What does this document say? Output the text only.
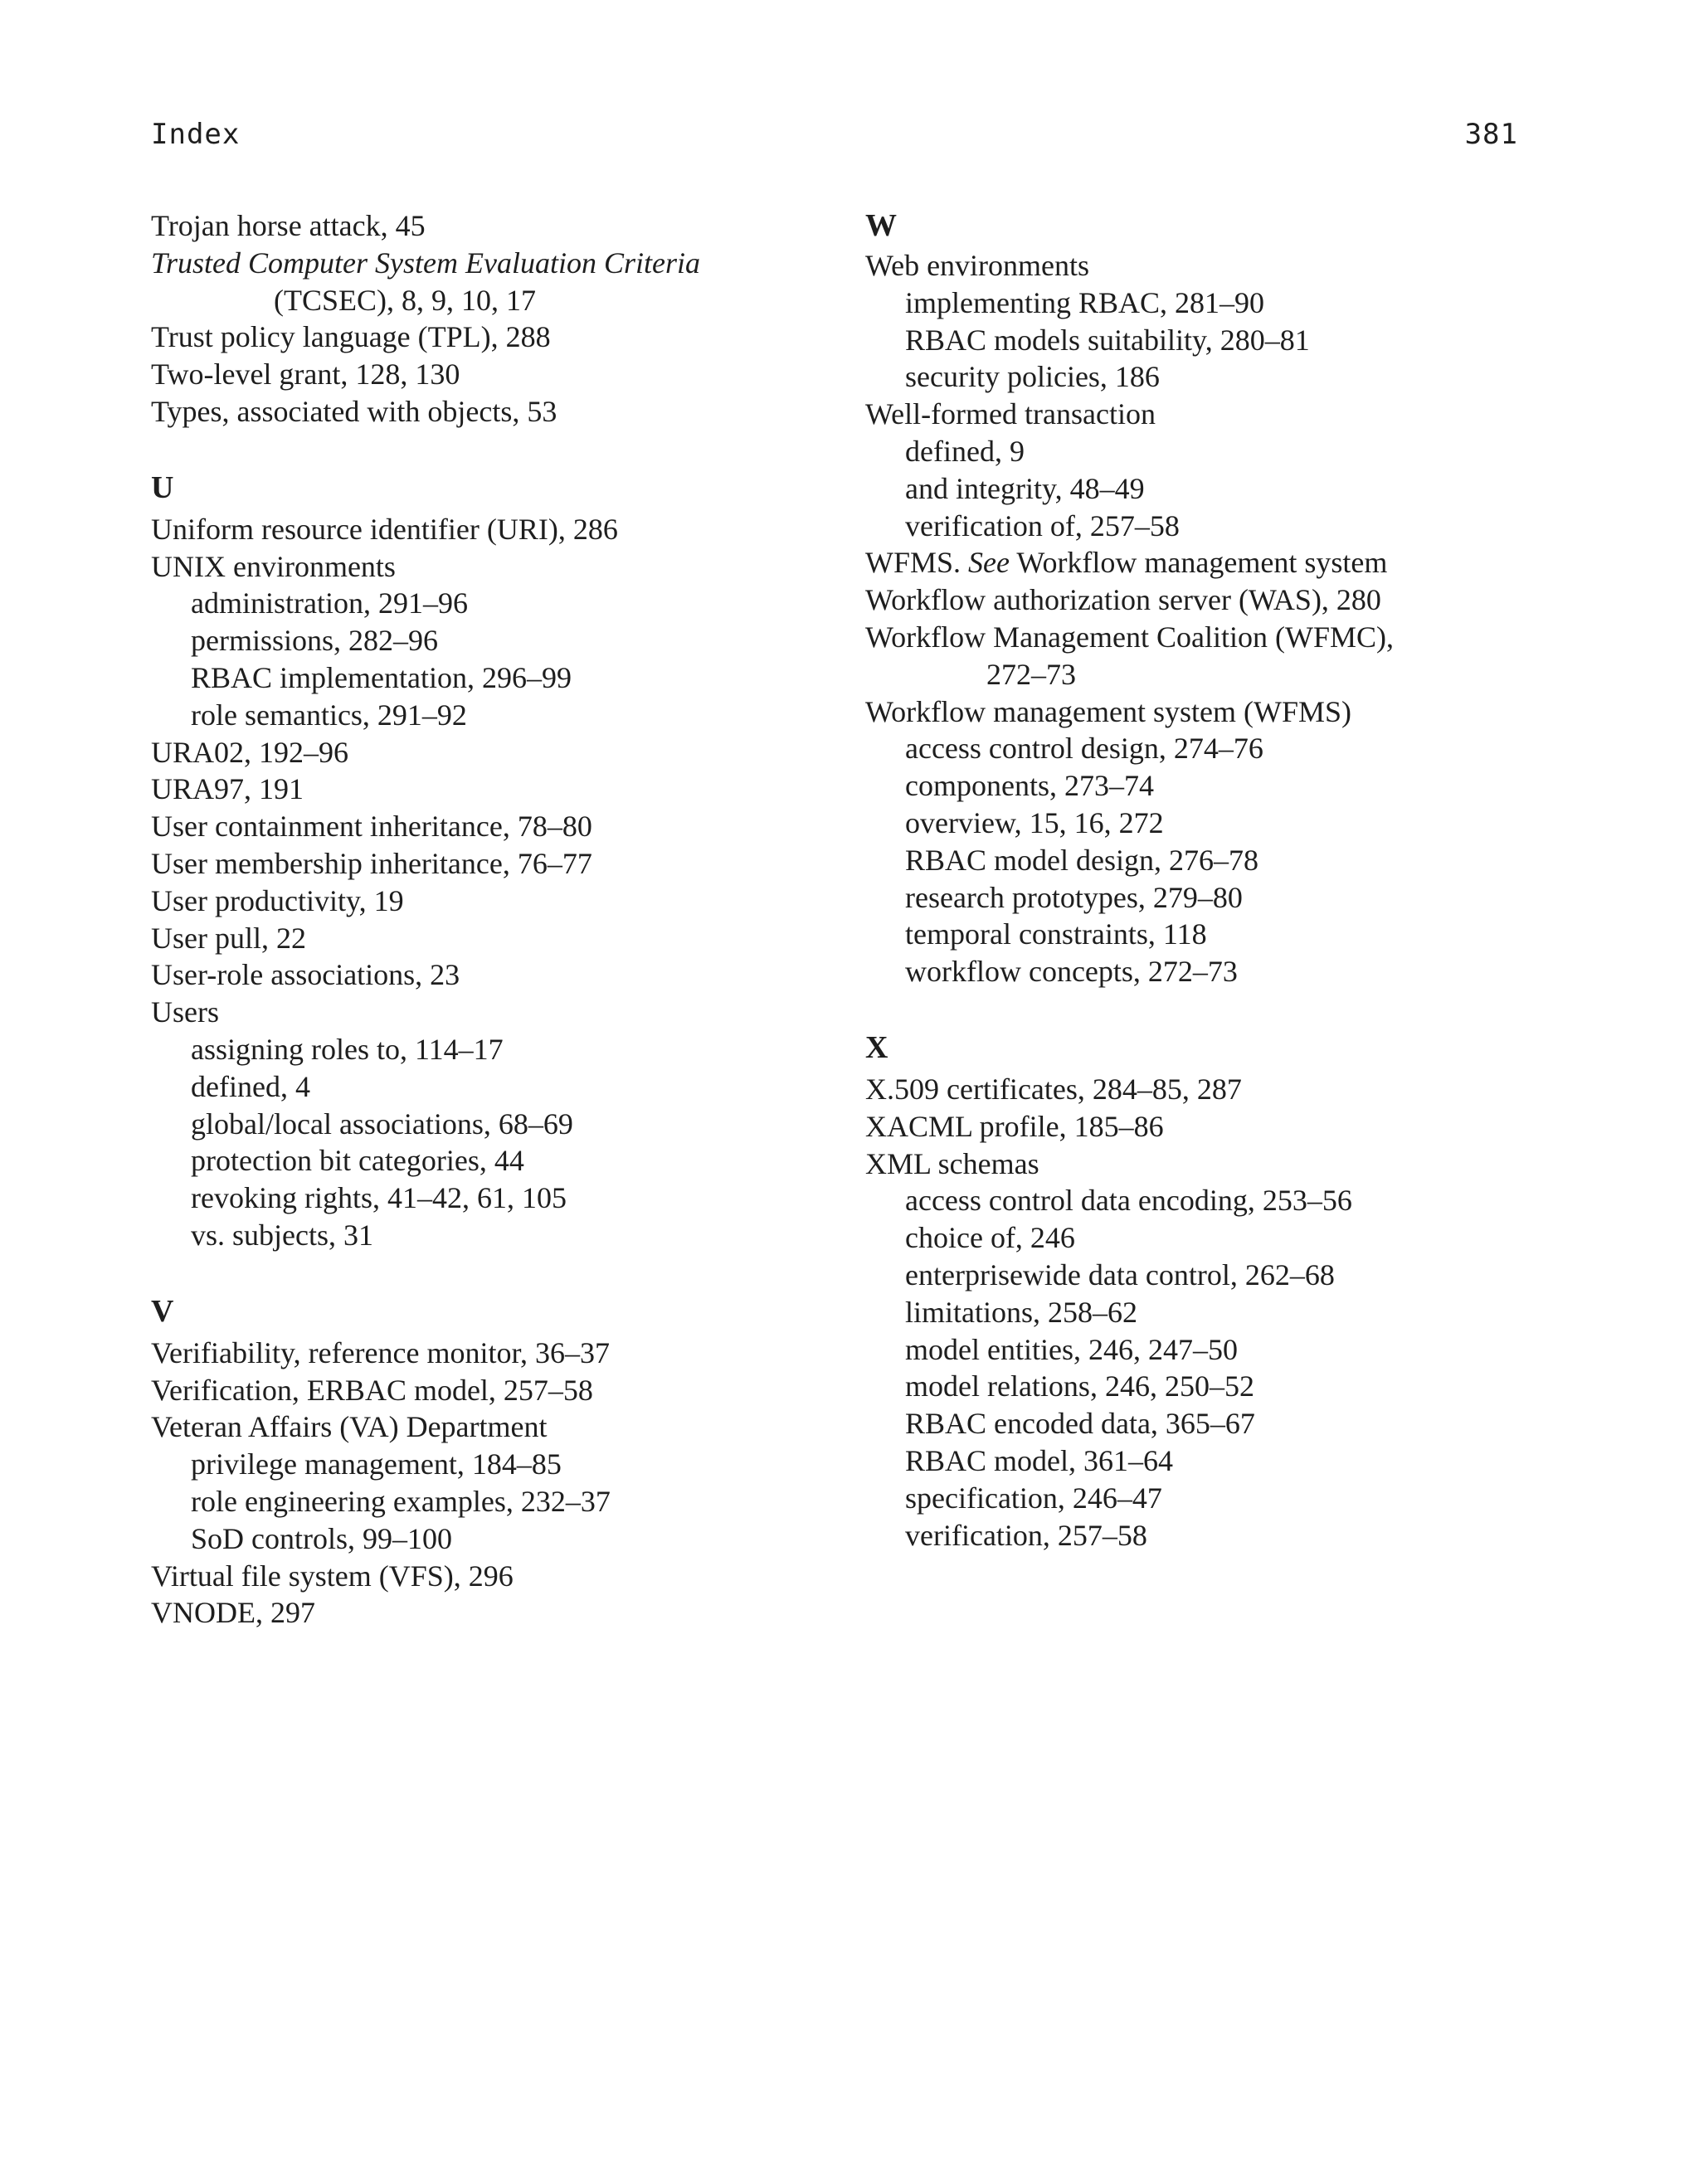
Index	381
Trojan horse attack, 45
Trusted Computer System Evaluation Criteria
(TCSEC), 8, 9, 10, 17
Trust policy language (TPL), 288
Two-level grant, 128, 130
Types, associated with objects, 53
U
Uniform resource identifier (URI), 286
UNIX environments
administration, 291–96
permissions, 282–96
RBAC implementation, 296–99
role semantics, 291–92
URA02, 192–96
URA97, 191
User containment inheritance, 78–80
User membership inheritance, 76–77
User productivity, 19
User pull, 22
User-role associations, 23
Users
assigning roles to, 114–17
defined, 4
global/local associations, 68–69
protection bit categories, 44
revoking rights, 41–42, 61, 105
vs. subjects, 31
V
Verifiability, reference monitor, 36–37
Verification, ERBAC model, 257–58
Veteran Affairs (VA) Department
privilege management, 184–85
role engineering examples, 232–37
SoD controls, 99–100
Virtual file system (VFS), 296
VNODE, 297
W
Web environments
implementing RBAC, 281–90
RBAC models suitability, 280–81
security policies, 186
Well-formed transaction
defined, 9
and integrity, 48–49
verification of, 257–58
WFMS. See Workflow management system
Workflow authorization server (WAS), 280
Workflow Management Coalition (WFMC),
272–73
Workflow management system (WFMS)
access control design, 274–76
components, 273–74
overview, 15, 16, 272
RBAC model design, 276–78
research prototypes, 279–80
temporal constraints, 118
workflow concepts, 272–73
X
X.509 certificates, 284–85, 287
XACML profile, 185–86
XML schemas
access control data encoding, 253–56
choice of, 246
enterprisewide data control, 262–68
limitations, 258–62
model entities, 246, 247–50
model relations, 246, 250–52
RBAC encoded data, 365–67
RBAC model, 361–64
specification, 246–47
verification, 257–58
